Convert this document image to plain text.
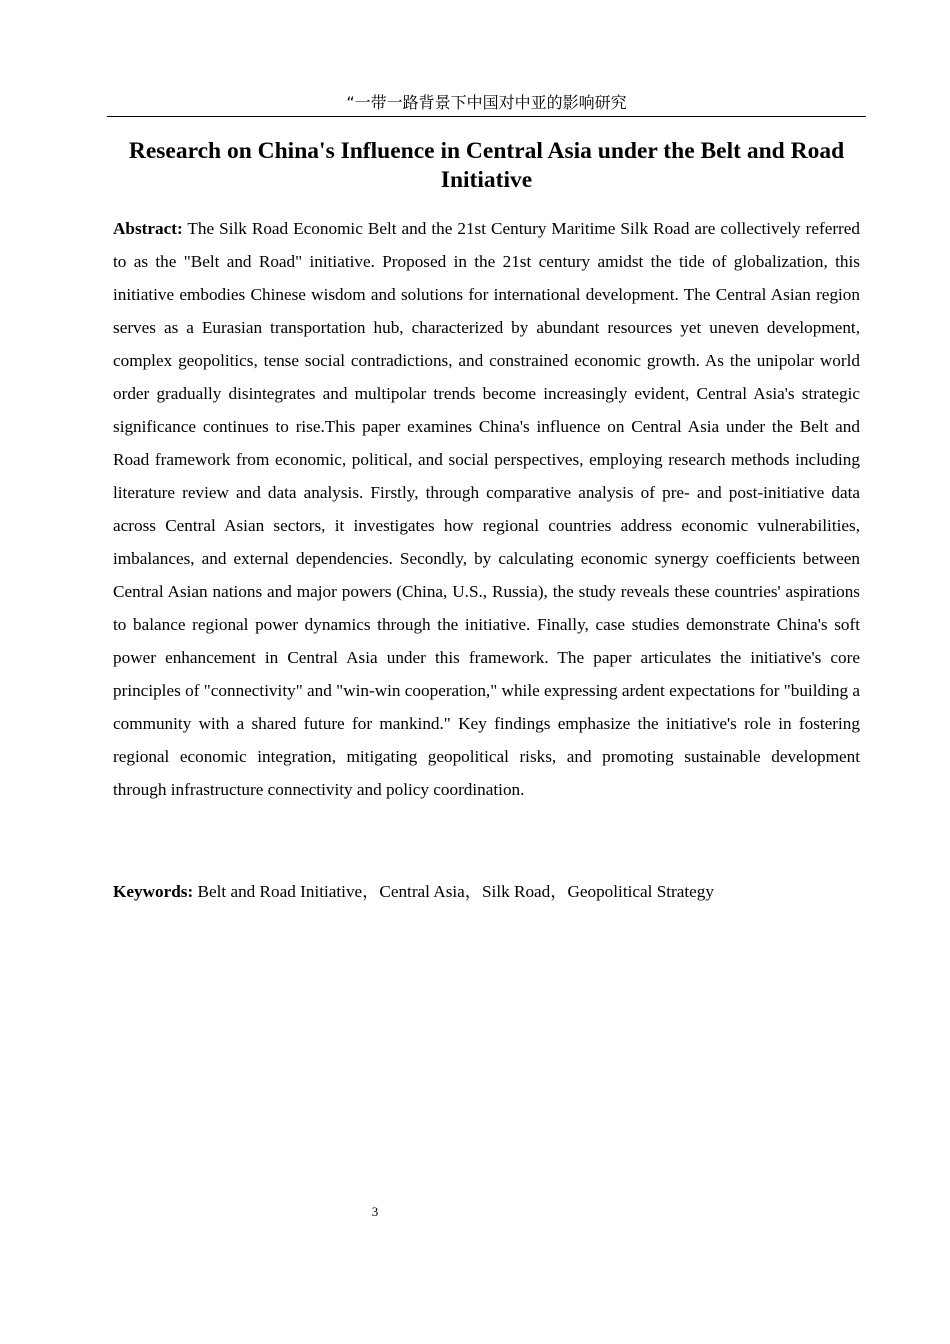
“一带一路背景下中国对中亚的影响研究
Research on China's Influence in Central Asia under the Belt and Road Initiative

Abstract: The Silk Road Economic Belt and the 21st Century Maritime Silk Road are collectively referred to as the "Belt and Road" initiative. Proposed in the 21st century amidst the tide of globalization, this initiative embodies Chinese wisdom and solutions for international development. The Central Asian region serves as a Eurasian transportation hub, characterized by abundant resources yet uneven development, complex geopolitics, tense social contradictions, and constrained economic growth. As the unipolar world order gradually disintegrates and multipolar trends become increasingly evident, Central Asia's strategic significance continues to rise.This paper examines China's influence on Central Asia under the Belt and Road framework from economic, political, and social perspectives, employing research methods including literature review and data analysis. Firstly, through comparative analysis of pre- and post-initiative data across Central Asian sectors, it investigates how regional countries address economic vulnerabilities, imbalances, and external dependencies. Secondly, by calculating economic synergy coefficients between Central Asian nations and major powers (China, U.S., Russia), the study reveals these countries' aspirations to balance regional power dynamics through the initiative. Finally, case studies demonstrate China's soft power enhancement in Central Asia under this framework. The paper articulates the initiative's core principles of "connectivity" and "win-win cooperation," while expressing ardent expectations for "building a community with a shared future for mankind." Key findings emphasize the initiative's role in fostering regional economic integration, mitigating geopolitical risks, and promoting sustainable development through infrastructure connectivity and policy coordination.

Keywords: Belt and Road Initiative，Central Asia，Silk Road，Geopolitical Strategy

3
